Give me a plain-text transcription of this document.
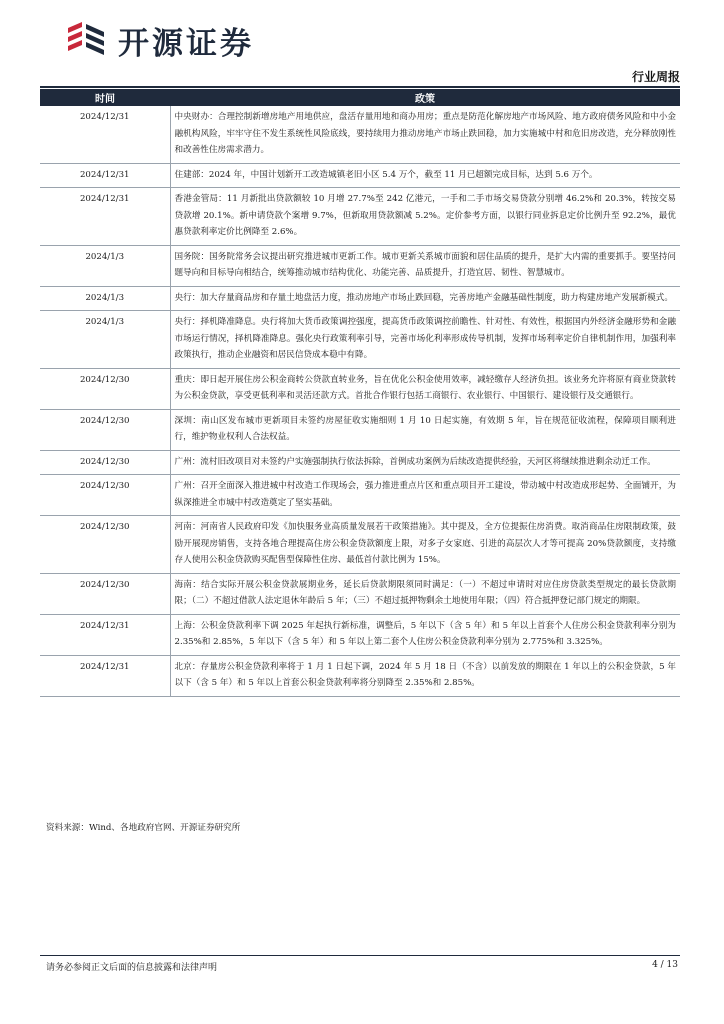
开源证券
行业周报
时间	政策
2024/12/31	中央财办：合理控制新增房地产用地供应，盘活存量用地和商办用房；重点是防范化解房地产市场风险、地方政府债务风险和中小金融机构风险，牢牢守住不发生系统性风险底线，要持续用力推动房地产市场止跌回稳，加力实施城中村和危旧房改造，充分释放刚性和改善性住房需求潜力。
2024/12/31	住建部：2024 年，中国计划新开工改造城镇老旧小区 5.4 万个，截至 11 月已超额完成目标，达到 5.6 万个。
2024/12/31	香港金管局：11 月新批出贷款额较 10 月增 27.7%至 242 亿港元，一手和二手市场交易贷款分别增 46.2%和 20.3%，转按交易贷款增 20.1%。新申请贷款个案增 9.7%，但新取用贷款额减 5.2%。定价参考方面，以银行同业拆息定价比例升至 92.2%，最优惠贷款利率定价比例降至 2.6%。
2024/1/3	国务院：国务院常务会议提出研究推进城市更新工作。城市更新关系城市面貌和居住品质的提升，是扩大内需的重要抓手。要坚持问题导向和目标导向相结合，统筹推动城市结构优化、功能完善、品质提升，打造宜居、韧性、智慧城市。
2024/1/3	央行：加大存量商品房和存量土地盘活力度，推动房地产市场止跌回稳，完善房地产金融基础性制度，助力构建房地产发展新模式。
2024/1/3	央行：择机降准降息。央行将加大货币政策调控强度，提高货币政策调控前瞻性、针对性、有效性，根据国内外经济金融形势和金融市场运行情况，择机降准降息。强化央行政策利率引导，完善市场化利率形成传导机制，发挥市场利率定价自律机制作用，加强利率政策执行，推动企业融资和居民信贷成本稳中有降。
2024/12/30	重庆：即日起开展住房公积金商转公贷款直转业务，旨在优化公积金使用效率，减轻缴存人经济负担。该业务允许将原有商业贷款转为公积金贷款，享受更低利率和灵活还款方式。首批合作银行包括工商银行、农业银行、中国银行、建设银行及交通银行。
2024/12/30	深圳：南山区发布城市更新项目未签约房屋征收实施细则 1 月 10 日起实施，有效期 5 年，旨在规范征收流程，保障项目顺利进行，维护物业权利人合法权益。
2024/12/30	广州：流村旧改项目对未签约户实施强制执行依法拆除，首例成功案例为后续改造提供经验，天河区将继续推进剩余动迁工作。
2024/12/30	广州：召开全面深入推进城中村改造工作现场会，强力推进重点片区和重点项目开工建设，带动城中村改造成形起势、全面铺开，为纵深推进全市城中村改造奠定了坚实基础。
2024/12/30	河南：河南省人民政府印发《加快服务业高质量发展若干政策措施》。其中提及，全方位提振住房消费。取消商品住房限制政策，鼓励开展现房销售，支持各地合理提高住房公积金贷款额度上限，对多子女家庭、引进的高层次人才等可提高 20%贷款额度，支持缴存人使用公积金贷款购买配售型保障性住房、最低首付款比例为 15%。
2024/12/30	海南：结合实际开展公积金贷款展期业务，延长后贷款期限须同时满足：（一）不超过申请时对应住房贷款类型规定的最长贷款期限；（二）不超过借款人法定退休年龄后 5 年；（三）不超过抵押物剩余土地使用年限；（四）符合抵押登记部门规定的期限。
2024/12/31	上海：公积金贷款利率下调 2025 年起执行新标准，调整后，5 年以下（含 5 年）和 5 年以上首套个人住房公积金贷款利率分别为 2.35%和 2.85%，5 年以下（含 5 年）和 5 年以上第二套个人住房公积金贷款利率分别为 2.775%和 3.325%。
2024/12/31	北京：存量房公积金贷款利率将于 1 月 1 日起下调，2024 年 5 月 18 日（不含）以前发放的期限在 1 年以上的公积金贷款，5 年以下（含 5 年）和 5 年以上首套公积金贷款利率将分别降至 2.35%和 2.85%。
资料来源：Wind、各地政府官网、开源证券研究所
请务必参阅正文后面的信息披露和法律声明	4 / 13
